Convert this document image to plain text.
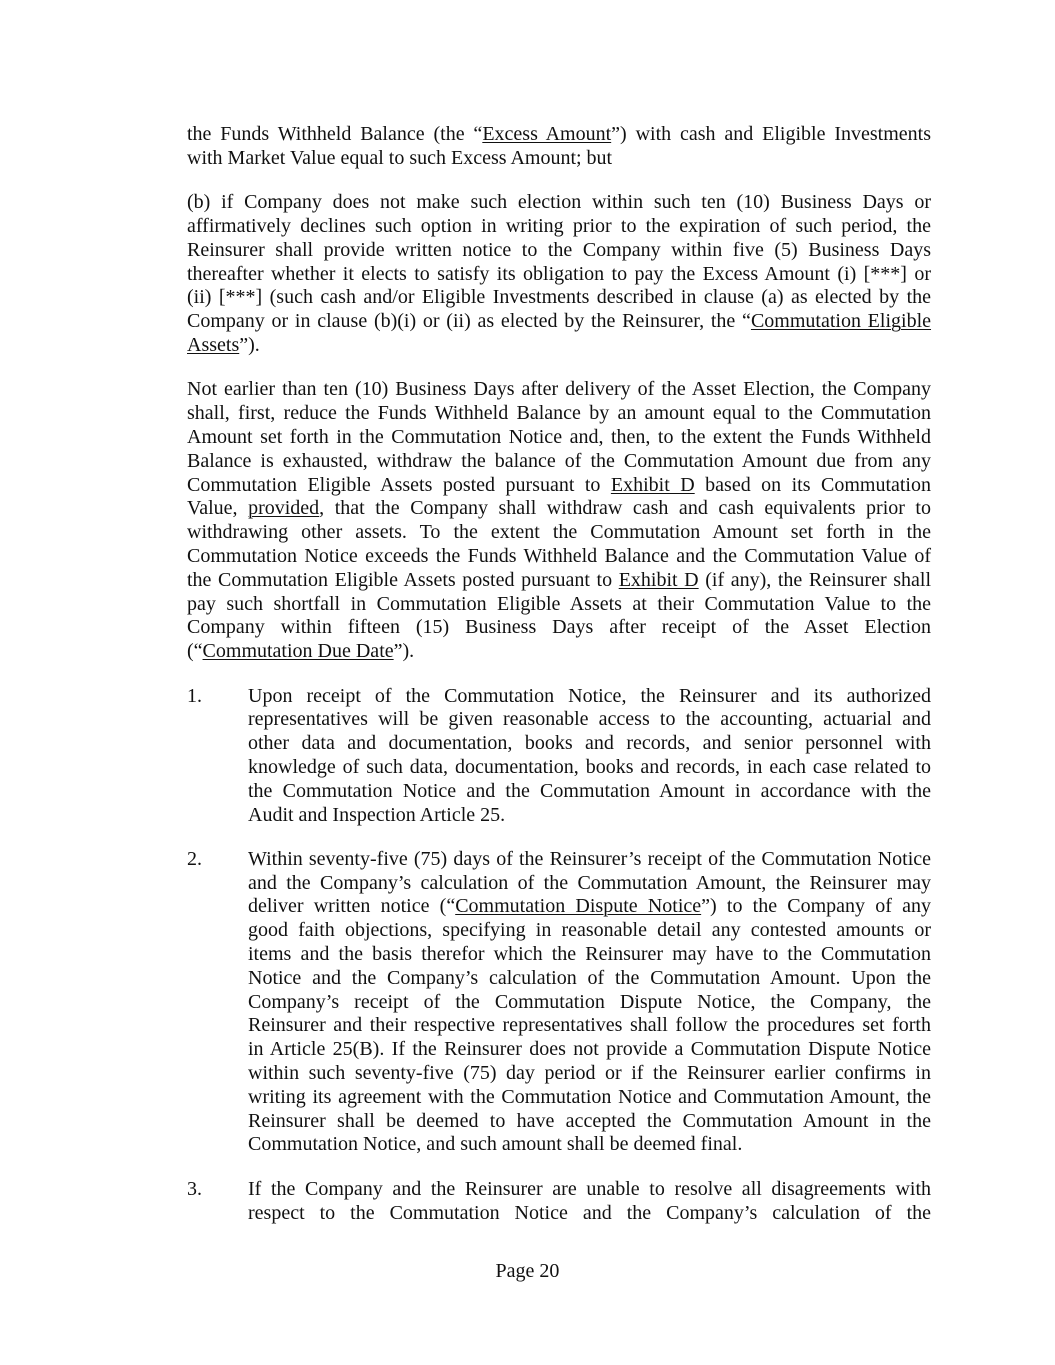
the Funds Withheld Balance (the “Excess Amount”) with cash and Eligible Investments
with Market Value equal to such Excess Amount; but
(b) if Company does not make such election within such ten (10) Business Days or
affirmatively declines such option in writing prior to the expiration of such period, the
Reinsurer shall provide written notice to the Company within five (5) Business Days
thereafter whether it elects to satisfy its obligation to pay the Excess Amount (i) [***] or
(ii) [***] (such cash and/or Eligible Investments described in clause (a) as elected by the
Company or in clause (b)(i) or (ii) as elected by the Reinsurer, the “Commutation Eligible
Assets”).
Not earlier than ten (10) Business Days after delivery of the Asset Election, the Company
shall, first, reduce the Funds Withheld Balance by an amount equal to the Commutation
Amount set forth in the Commutation Notice and, then, to the extent the Funds Withheld
Balance is exhausted, withdraw the balance of the Commutation Amount due from any
Commutation Eligible Assets posted pursuant to Exhibit D based on its Commutation
Value, provided, that the Company shall withdraw cash and cash equivalents prior to
withdrawing other assets. To the extent the Commutation Amount set forth in the
Commutation Notice exceeds the Funds Withheld Balance and the Commutation Value of
the Commutation Eligible Assets posted pursuant to Exhibit D (if any), the Reinsurer shall
pay such shortfall in Commutation Eligible Assets at their Commutation Value to the
Company within fifteen (15) Business Days after receipt of the Asset Election
(“Commutation Due Date”).
1.	Upon receipt of the Commutation Notice, the Reinsurer and its authorized
representatives will be given reasonable access to the accounting, actuarial and
other data and documentation, books and records, and senior personnel with
knowledge of such data, documentation, books and records, in each case related to
the Commutation Notice and the Commutation Amount in accordance with the
Audit and Inspection Article 25.
2.	Within seventy-five (75) days of the Reinsurer’s receipt of the Commutation Notice
and the Company’s calculation of the Commutation Amount, the Reinsurer may
deliver written notice (“Commutation Dispute Notice”) to the Company of any
good faith objections, specifying in reasonable detail any contested amounts or
items and the basis therefor which the Reinsurer may have to the Commutation
Notice and the Company’s calculation of the Commutation Amount. Upon the
Company’s receipt of the Commutation Dispute Notice, the Company, the
Reinsurer and their respective representatives shall follow the procedures set forth
in Article 25(B). If the Reinsurer does not provide a Commutation Dispute Notice
within such seventy-five (75) day period or if the Reinsurer earlier confirms in
writing its agreement with the Commutation Notice and Commutation Amount, the
Reinsurer shall be deemed to have accepted the Commutation Amount in the
Commutation Notice, and such amount shall be deemed final.
3.	If the Company and the Reinsurer are unable to resolve all disagreements with
respect to the Commutation Notice and the Company’s calculation of the
Page 20
